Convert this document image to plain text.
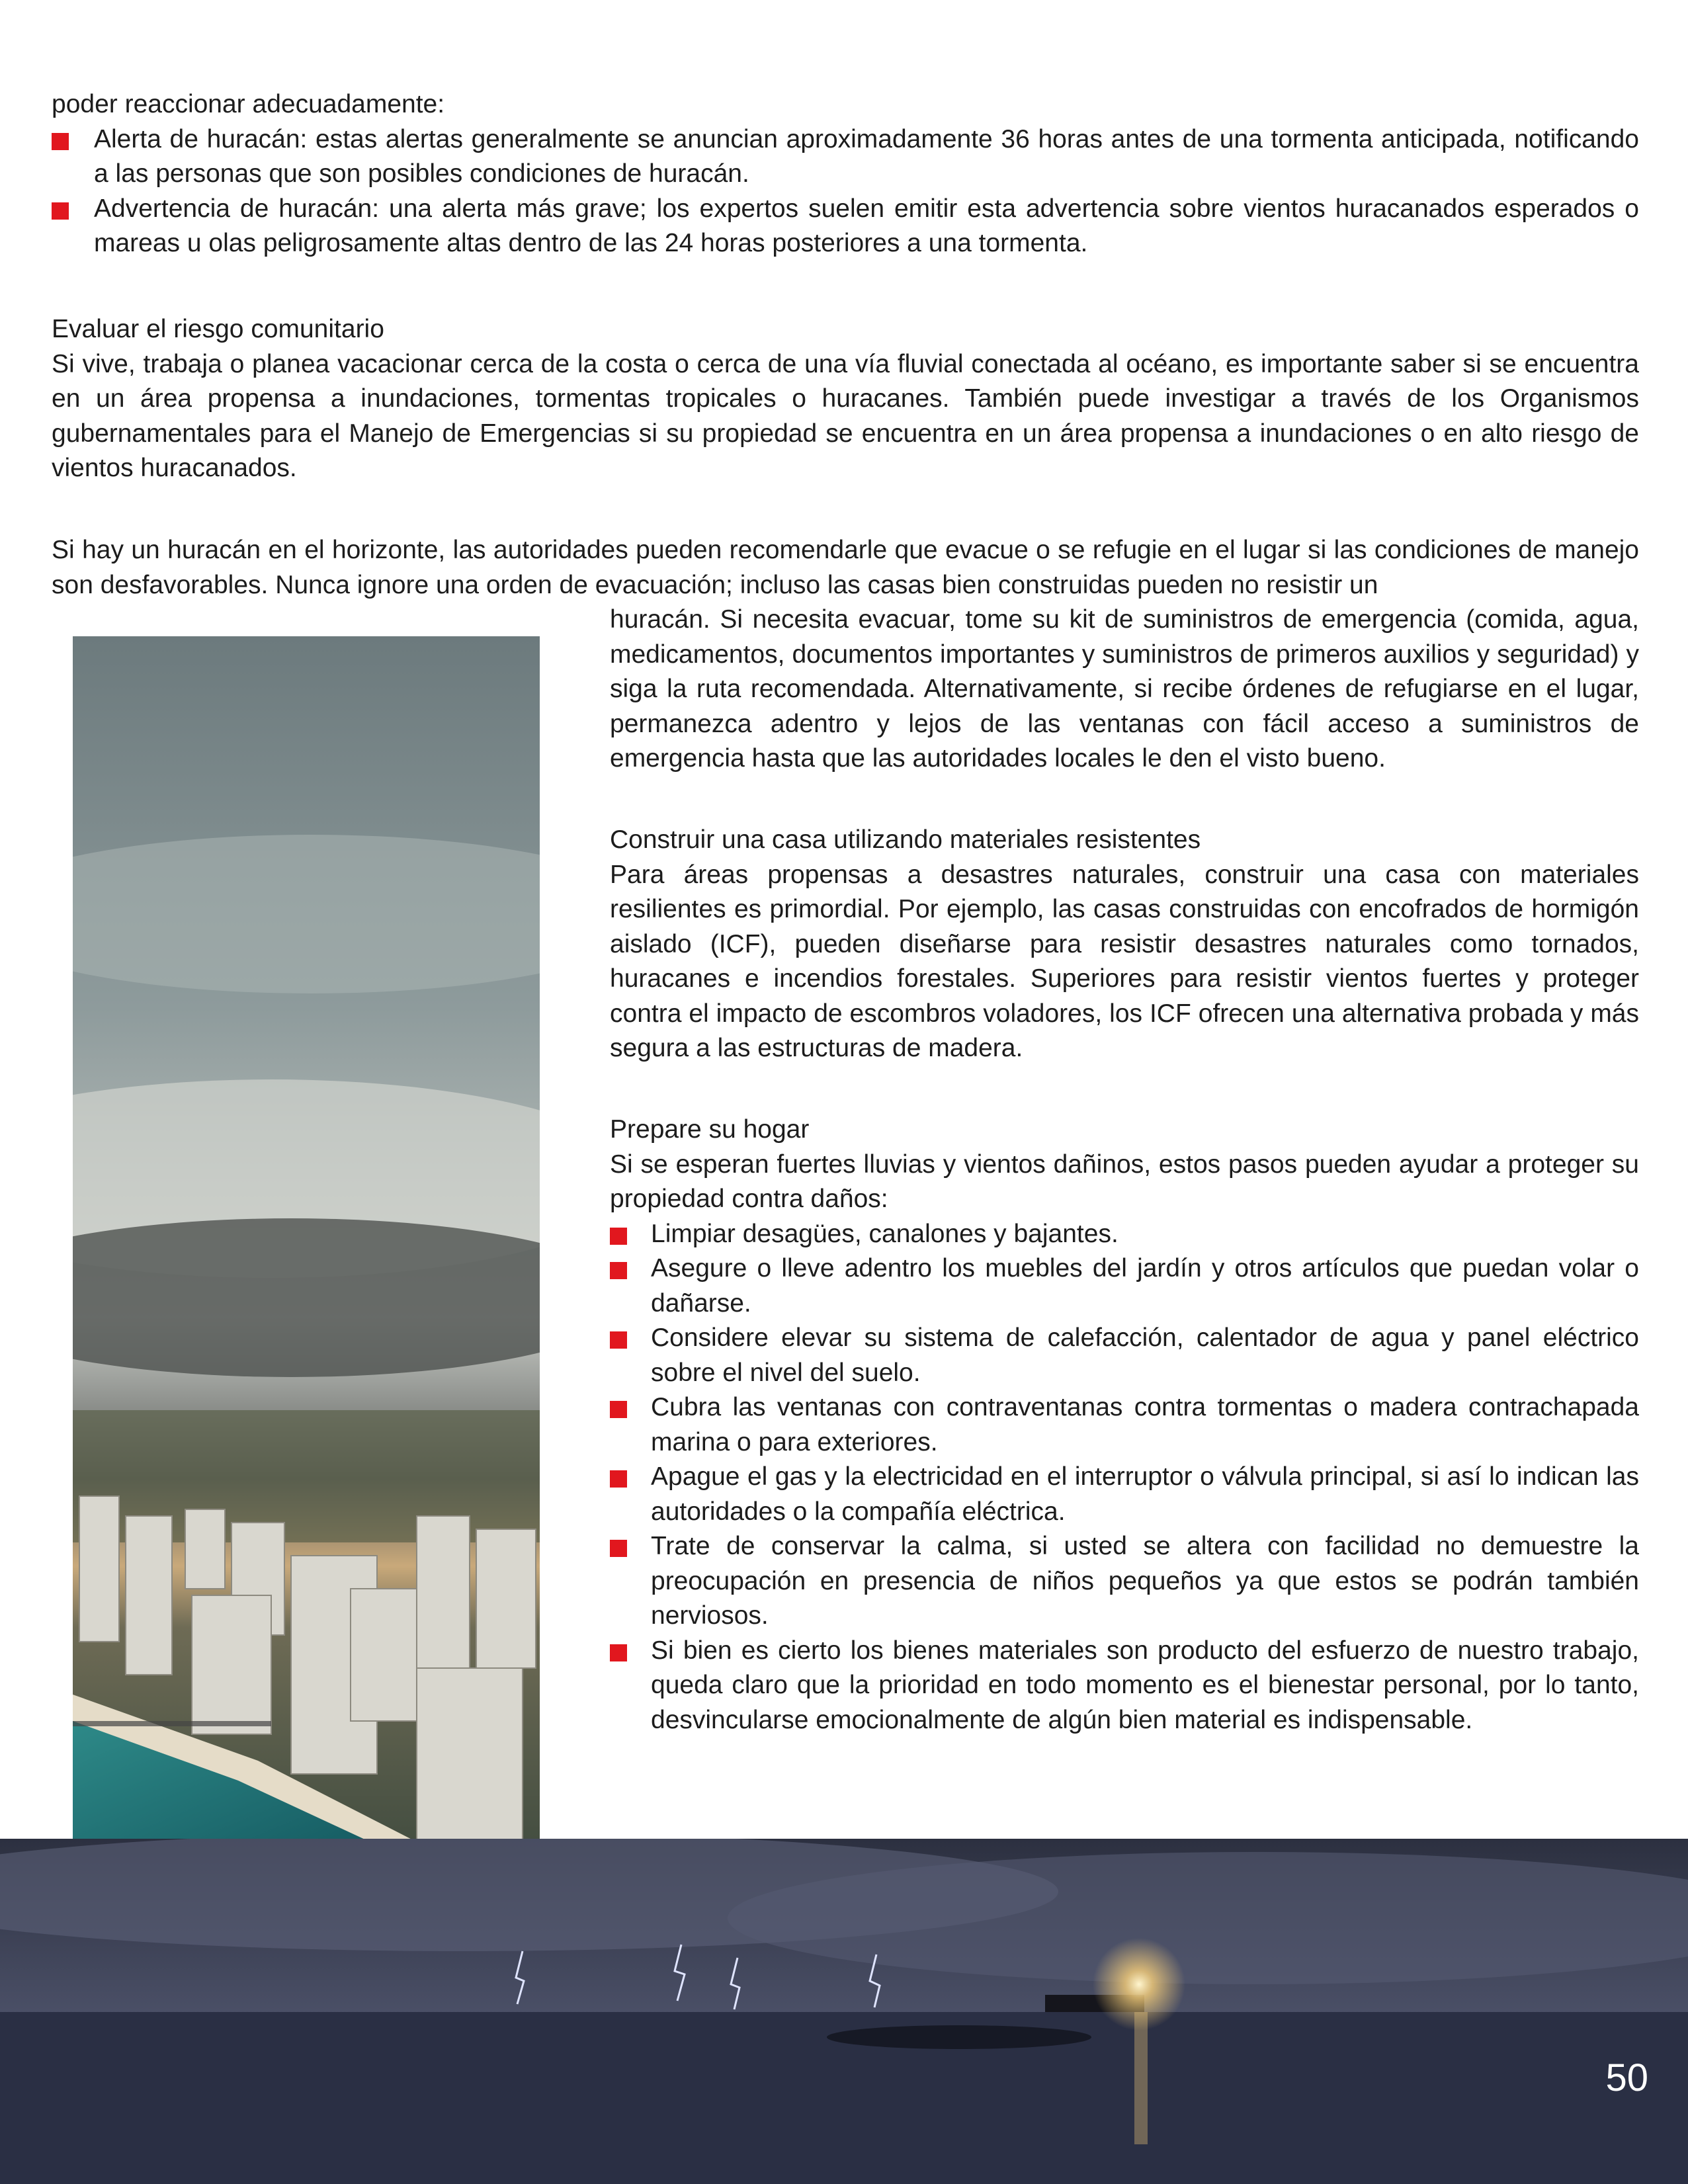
poder reaccionar adecuadamente:

Alerta de huracán: estas alertas generalmente se anuncian aproximadamente 36 horas antes de una tormenta anticipada, notificando a las personas que son posibles condiciones de huracán.
Advertencia de huracán: una alerta más grave; los expertos suelen emitir esta advertencia sobre vientos huracanados esperados o mareas u olas peligrosamente altas dentro de las 24 horas posteriores a una tormenta.
Evaluar el riesgo comunitario

Si vive, trabaja o planea vacacionar cerca de la costa o cerca de una vía fluvial conectada al océano, es importante saber si se encuentra en un área propensa a inundaciones, tormentas tropicales o huracanes. También puede investigar a través de los Organismos gubernamentales para el Manejo de Emergencias si su propiedad se encuentra en un área propensa a inundaciones o en alto riesgo de vientos huracanados.

Si hay un huracán en el horizonte, las autoridades pueden recomendarle que evacue o se refugie en el lugar si las condiciones de manejo son desfavorables. Nunca ignore una orden de evacuación; incluso las casas bien construidas pueden no resistir un

huracán. Si necesita evacuar, tome su kit de suministros de emergencia (comida, agua, medicamentos, documentos importantes y suministros de primeros auxilios y seguridad) y siga la ruta recomendada. Alternativamente, si recibe órdenes de refugiarse en el lugar, permanezca adentro y lejos de las ventanas con fácil acceso a suministros de emergencia hasta que las autoridades locales le den el visto bueno.

Construir una casa utilizando materiales resistentes

Para áreas propensas a desastres naturales, construir una casa con materiales resilientes es primordial. Por ejemplo, las casas construidas con encofrados de hormigón aislado (ICF), pueden diseñarse para resistir desastres naturales como tornados, huracanes e incendios forestales. Superiores para resistir vientos fuertes y proteger contra el impacto de escombros voladores, los ICF ofrecen una alternativa probada y más segura a las estructuras de madera.

Prepare su hogar

Si se esperan fuertes lluvias y vientos dañinos, estos pasos pueden ayudar a proteger su propiedad contra daños:

Limpiar desagües, canalones y bajantes.
Asegure o lleve adentro los muebles del jardín y otros artículos que puedan volar o dañarse.
Considere elevar su sistema de calefacción, calentador de agua y panel eléctrico sobre el nivel del suelo.
Cubra las ventanas con contraventanas contra tormentas o madera contrachapada marina o para exteriores.
Apague el gas y la electricidad en el interruptor o válvula principal, si así lo indican las autoridades o la compañía eléctrica.
Trate de conservar la calma, si usted se altera con facilidad no demuestre la preocupación en presencia de niños pequeños ya que estos se podrán también nerviosos.
Si bien es cierto los bienes materiales son producto del esfuerzo de nuestro trabajo, queda claro que la prioridad en todo momento es el bienestar personal, por lo tanto, desvincularse emocionalmente de algún bien material es indispensable.
50
